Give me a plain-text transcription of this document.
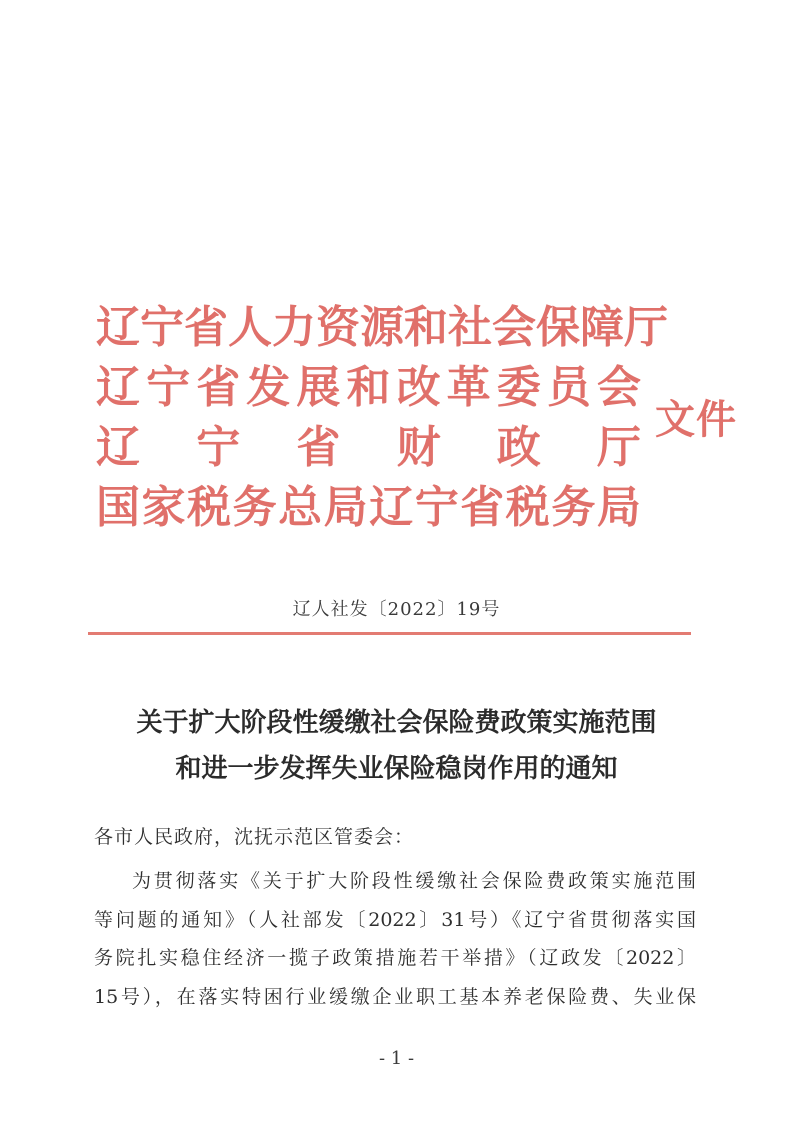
辽 宁 省 人 力 资 源 和 社 会 保 障 厅
辽 宁 省 发 展 和 改 革 委 员 会
辽 宁 省 财 政 厅
国 家 税 务 总 局 辽 宁 省 税 务 局
文件
辽人社发〔2022〕19号
关于扩大阶段性缓缴社会保险费政策实施范围
和进一步发挥失业保险稳岗作用的通知
各市人民政府，沈抚示范区管委会：
为贯彻落实《关于扩大阶段性缓缴社会保险费政策实施范围
等问题的通知》（人社部发〔2022〕31号）《辽宁省贯彻落实国
务院扎实稳住经济一揽子政策措施若干举措》（辽政发〔2022〕
15号），在落实特困行业缓缴企业职工基本养老保险费、失业保
- 1 -
